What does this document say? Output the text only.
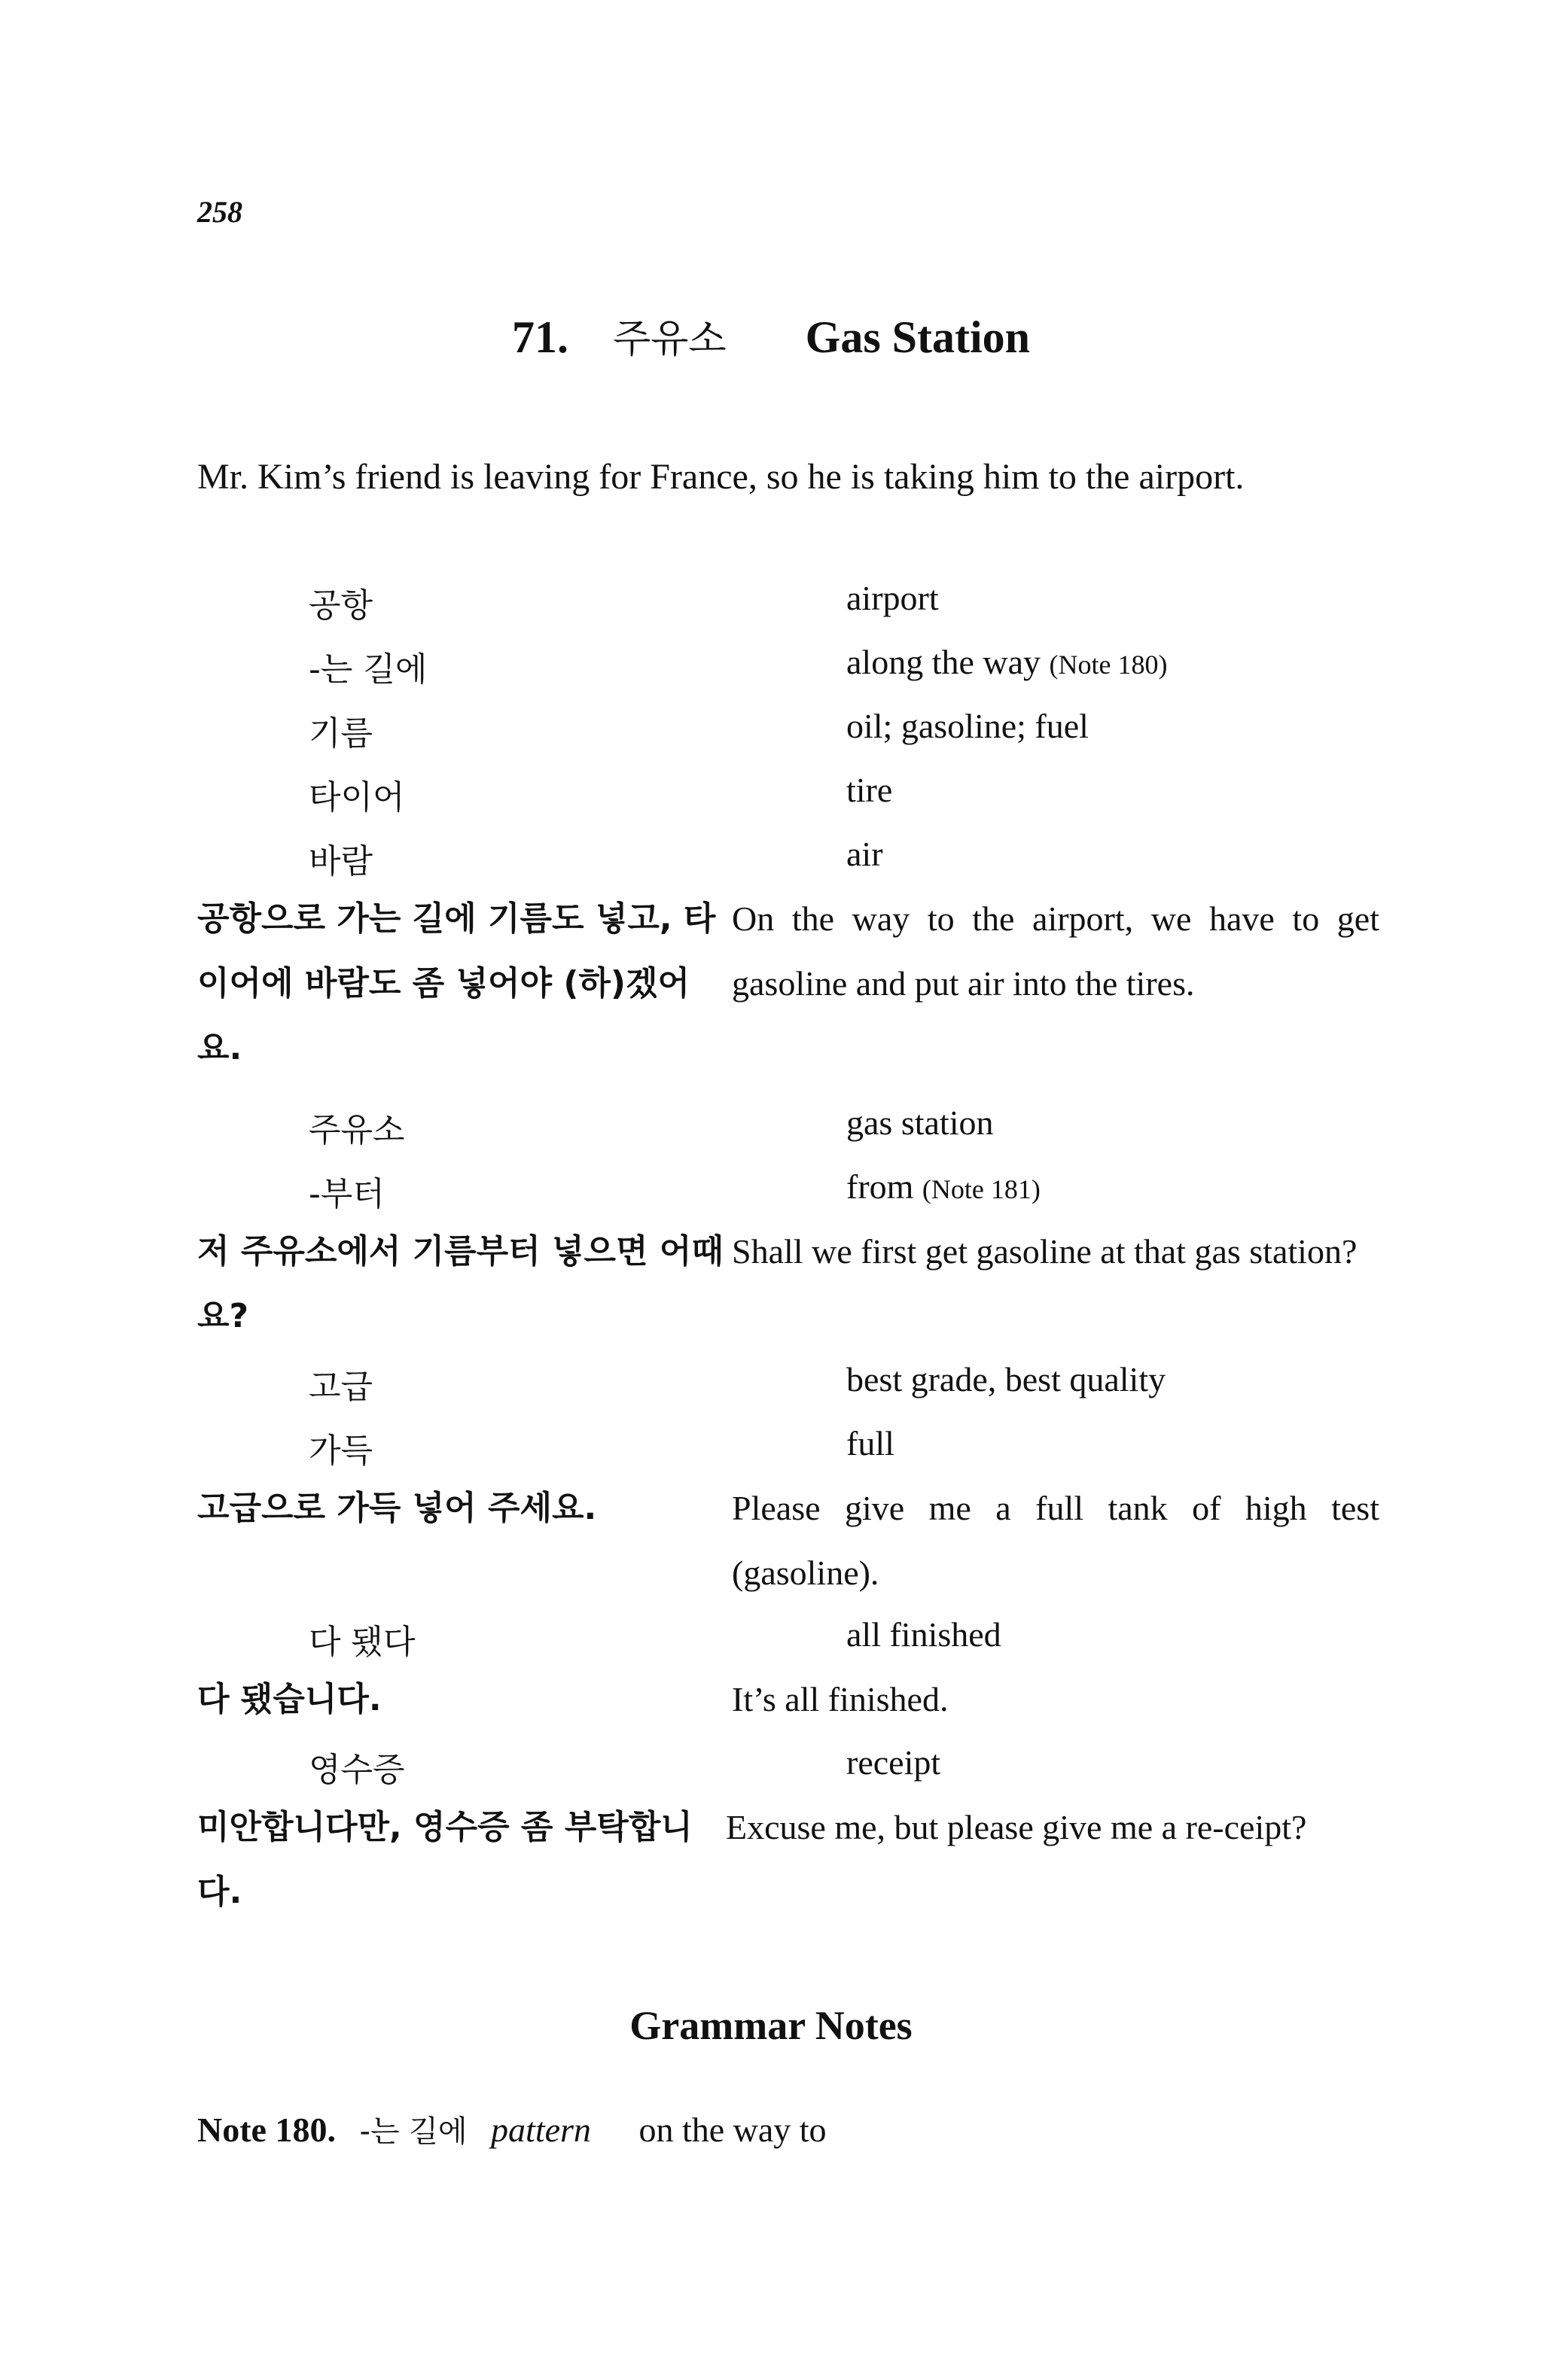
258
71. 주유소 Gas Station
Mr. Kim’s friend is leaving for France, so he is taking him to the airport.
공항	airport
-는 길에	along the way (Note 180)
기름	oil; gasoline; fuel
타이어	tire
바람	air
공항으로 가는 길에 기름도 넣고, 타이어에 바람도 좀 넣어야 (하)겠어요.
On the way to the airport, we have to get gasoline and put air into the tires.
주유소	gas station
-부터	from (Note 181)
저 주유소에서 기름부터 넣으면 어때요?
Shall we first get gasoline at that gas station?
고급	best grade, best quality
가득	full
고급으로 가득 넣어 주세요.	Please give me a full tank of high test (gasoline).
다 됐다	all finished
다 됐습니다.	It’s all finished.
영수증	receipt
미안합니다만, 영수증 좀 부탁합니다.
Excuse me, but please give me a re-ceipt?
Grammar Notes
Note 180. -는 길에 pattern on the way to
